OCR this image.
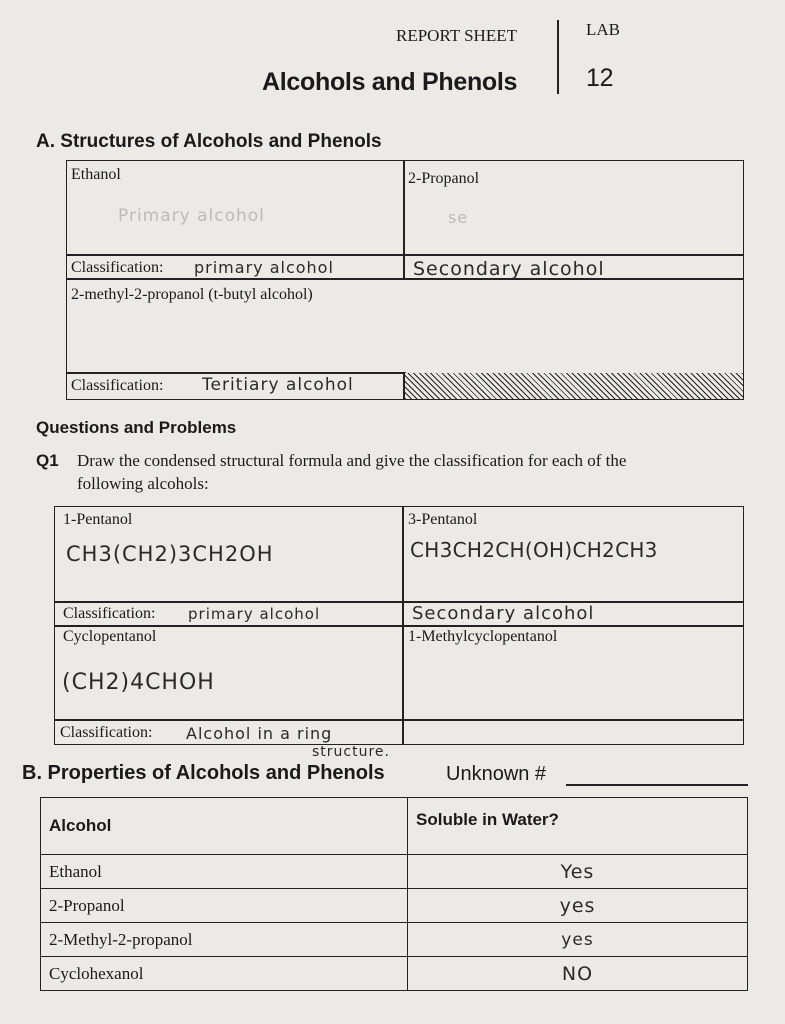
REPORT SHEET	LAB
Alcohols and Phenols	12
A. Structures of Alcohols and Phenols
Ethanol
Primary alcohol
2-Propanol
se
Classification: primary alcohol	Secondary alcohol
2-methyl-2-propanol (t-butyl alcohol)
Classification: Teritiary alcohol
Questions and Problems
Q1 Draw the condensed structural formula and give the classification for each of the
following alcohols:
1-Pentanol
CH3(CH2)3CH2OH
3-Pentanol
CH3CH2CH(OH)CH2CH3
Classification: primary alcohol	Secondary alcohol
Cyclopentanol
(CH2)4CHOH
1-Methylcyclopentanol
Classification: Alcohol in a ring
structure.
B. Properties of Alcohols and Phenols	Unknown #
Alcohol	Soluble in Water?
Ethanol	Yes
2-Propanol	yes
2-Methyl-2-propanol	yes
Cyclohexanol	NO
